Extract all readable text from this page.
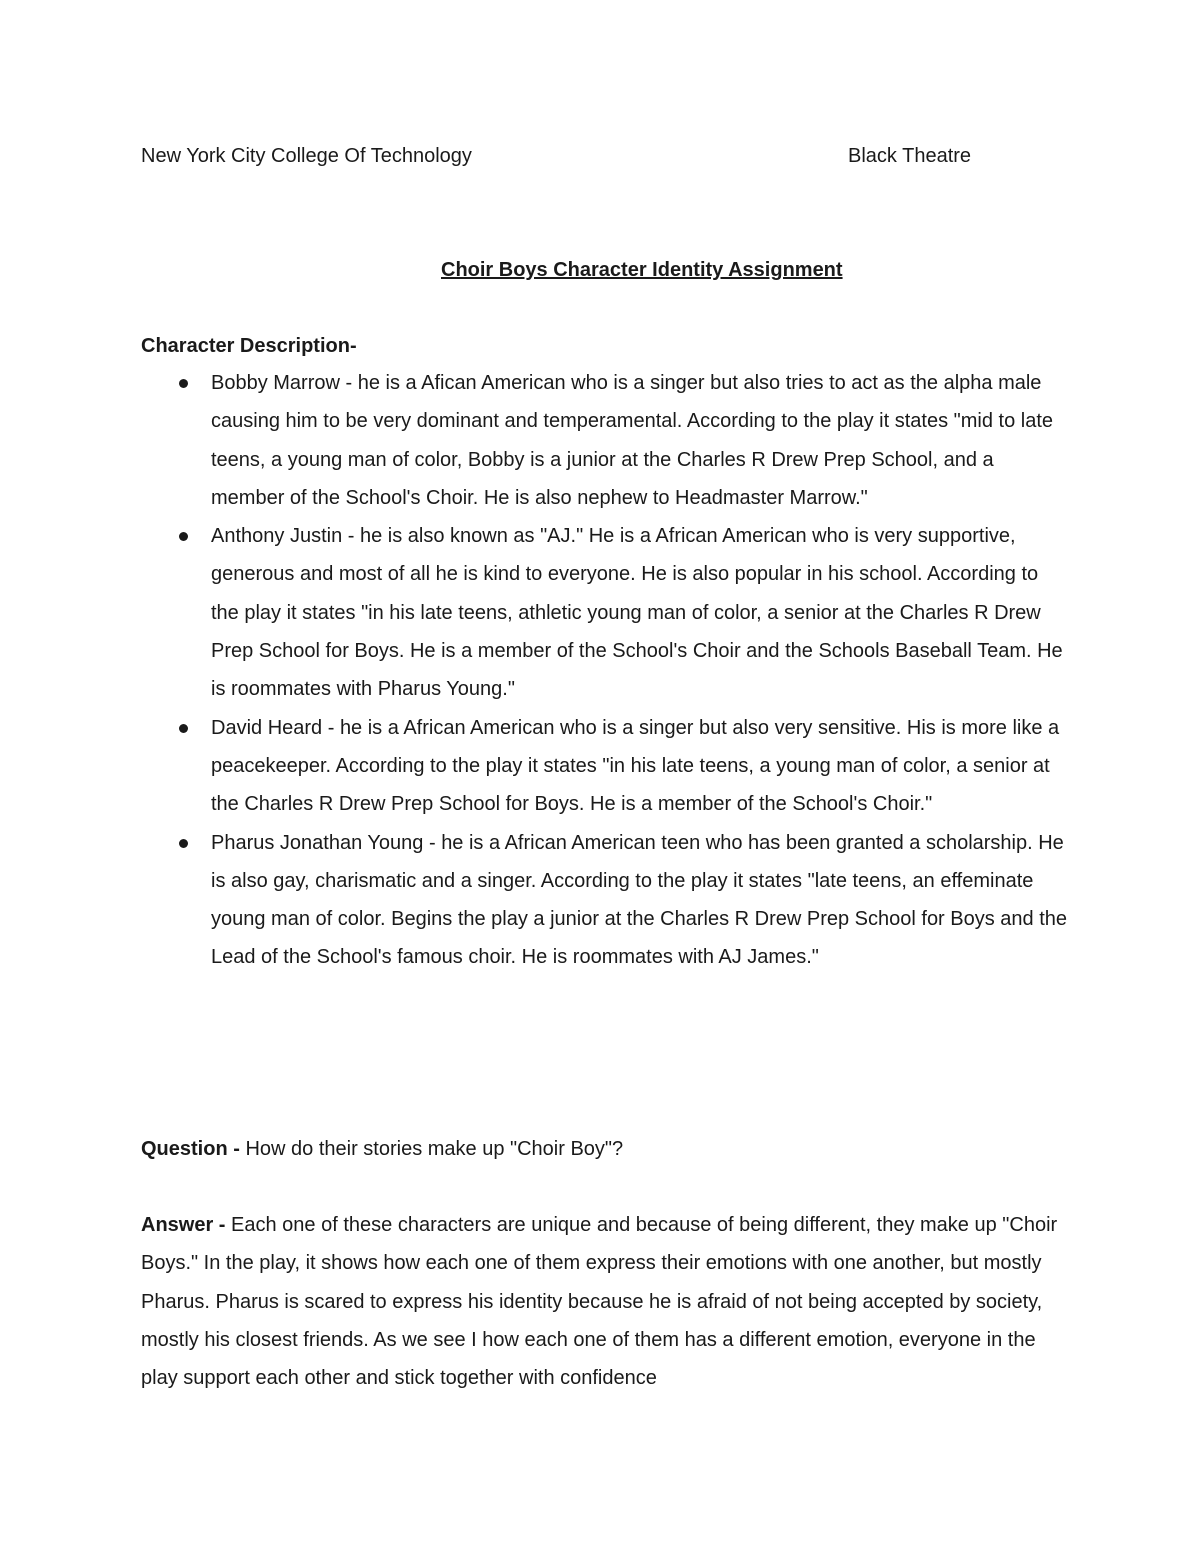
New York City College Of Technology	Black Theatre
Choir Boys Character Identity Assignment
Character Description-
Bobby Marrow - he is a Afican American who is a singer but also tries to act as the alpha male causing him to be very dominant and temperamental. According to the play it states "mid to late teens, a young man of color, Bobby is a junior at the Charles R Drew Prep School, and a member of the School's Choir. He is also nephew to Headmaster Marrow."
Anthony Justin - he is also known as "AJ." He is a African American who is very supportive, generous and most of all he is kind to everyone. He is also popular in his school. According to the play it states "in his late teens, athletic young man of color, a senior at the Charles R Drew Prep School for Boys. He is a member of the School's Choir and the Schools Baseball Team. He is roommates with Pharus Young."
David Heard - he is a African American who is a singer but also very sensitive. His is more like a peacekeeper. According to the play it states "in his late teens, a young man of color, a senior at the Charles R Drew Prep School for Boys. He is a member of the School's Choir."
Pharus Jonathan Young - he is a African American teen who has been granted a scholarship. He is also gay, charismatic and a singer. According to the play it states "late teens, an effeminate young man of color. Begins the play a junior at the Charles R Drew Prep School for Boys and the Lead of the School's famous choir. He is roommates with AJ James."
Question - How do their stories make up "Choir Boy"?
Answer - Each one of these characters are unique and because of being different, they make up "Choir Boys." In the play, it shows how each one of them express their emotions with one another, but mostly Pharus. Pharus is scared to express his identity because he is afraid of not being accepted by society, mostly his closest friends. As we see I how each one of them has a different emotion, everyone in the play support each other and stick together with confidence
